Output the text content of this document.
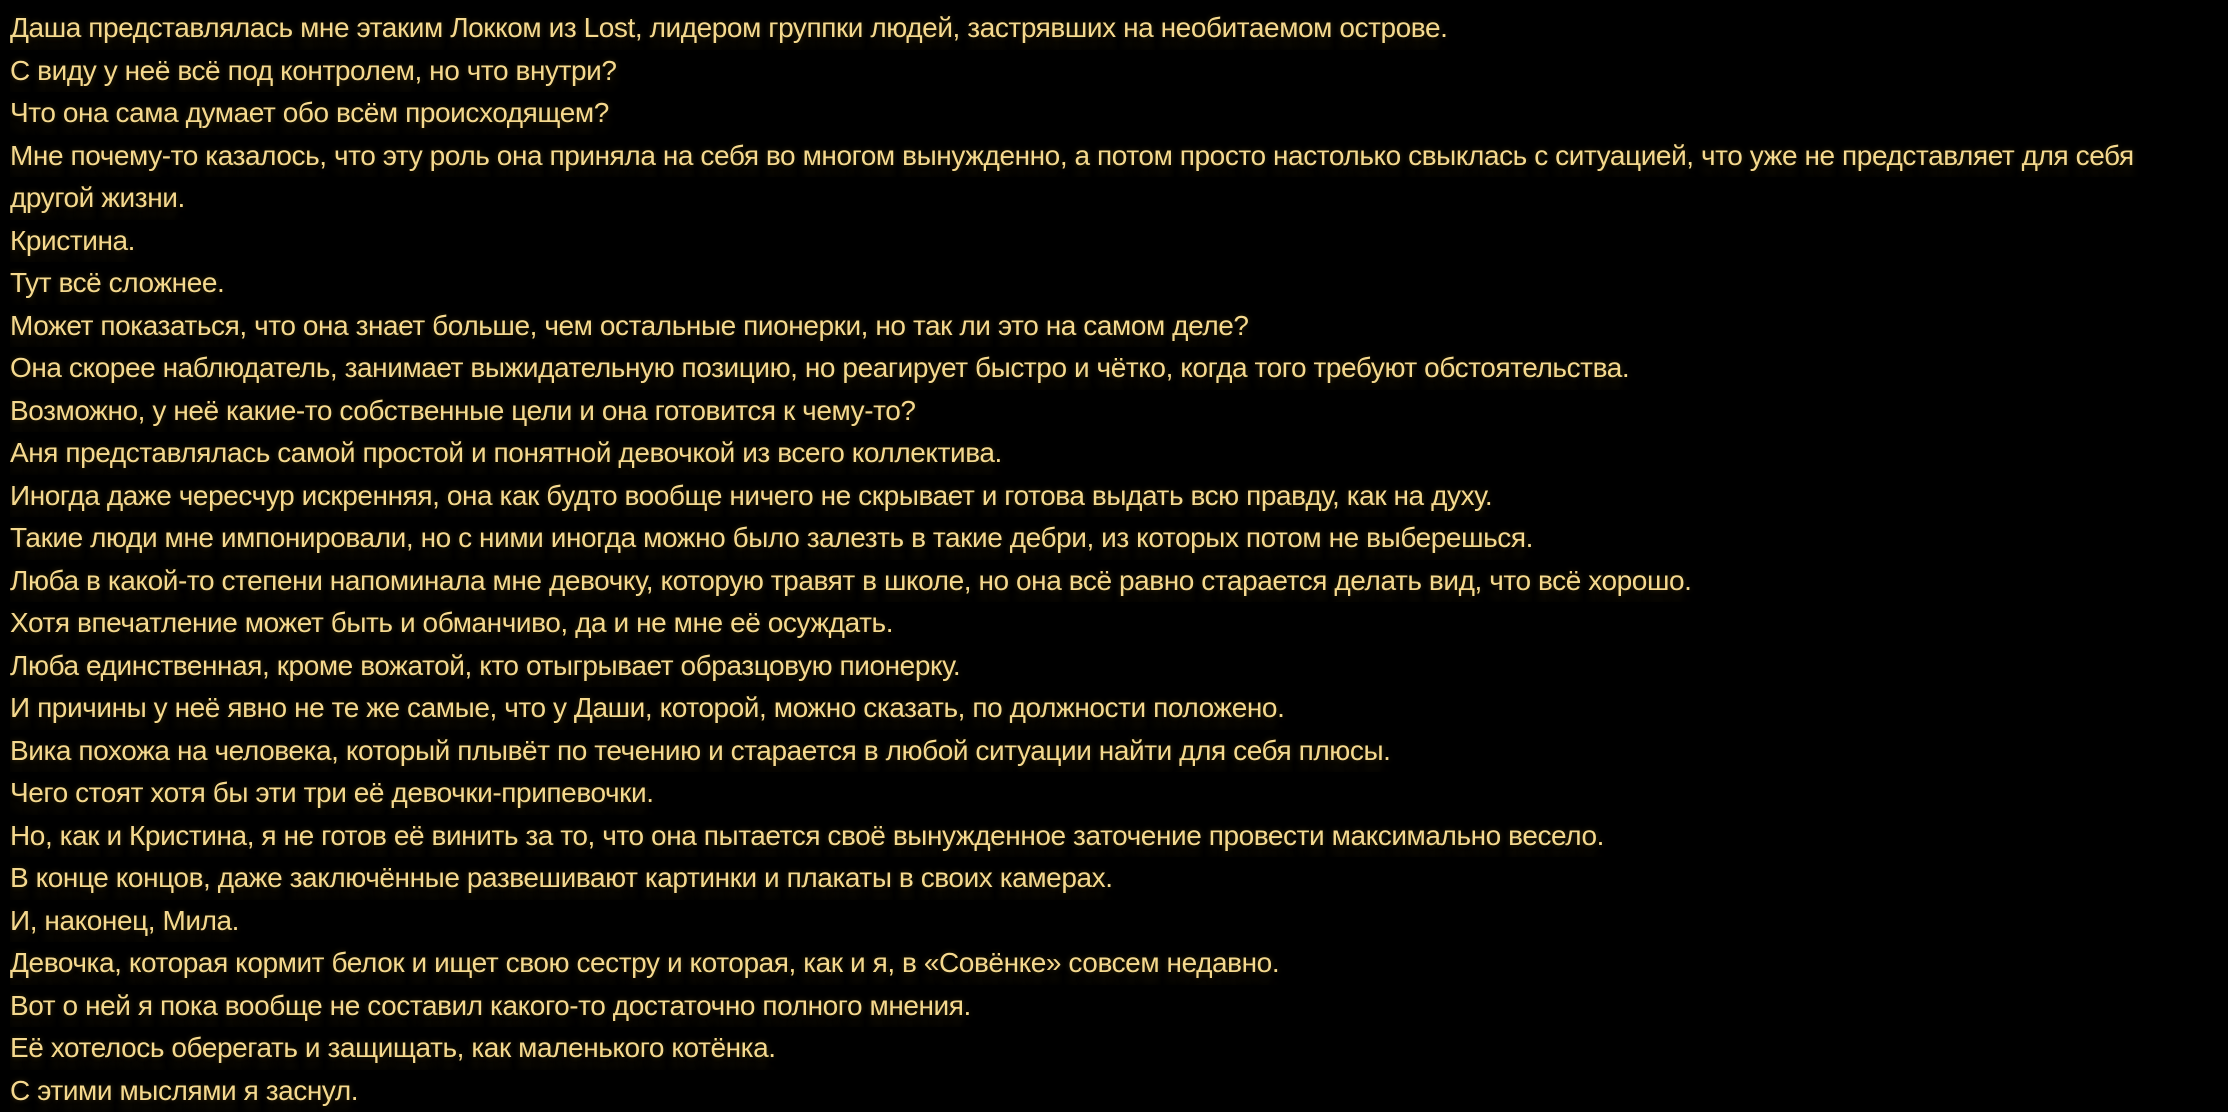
Даша представлялась мне этаким Локком из Lost, лидером группки людей, застрявших на необитаемом острове.
С виду у неё всё под контролем, но что внутри?
Что она сама думает обо всём происходящем?
Мне почему-то казалось, что эту роль она приняла на себя во многом вынужденно, а потом просто настолько свыклась с ситуацией, что уже не представляет для себя
другой жизни.
Кристина.
Тут всё сложнее.
Может показаться, что она знает больше, чем остальные пионерки, но так ли это на самом деле?
Она скорее наблюдатель, занимает выжидательную позицию, но реагирует быстро и чётко, когда того требуют обстоятельства.
Возможно, у неё какие-то собственные цели и она готовится к чему-то?
Аня представлялась самой простой и понятной девочкой из всего коллектива.
Иногда даже чересчур искренняя, она как будто вообще ничего не скрывает и готова выдать всю правду, как на духу.
Такие люди мне импонировали, но с ними иногда можно было залезть в такие дебри, из которых потом не выберешься.
Люба в какой-то степени напоминала мне девочку, которую травят в школе, но она всё равно старается делать вид, что всё хорошо.
Хотя впечатление может быть и обманчиво, да и не мне её осуждать.
Люба единственная, кроме вожатой, кто отыгрывает образцовую пионерку.
И причины у неё явно не те же самые, что у Даши, которой, можно сказать, по должности положено.
Вика похожа на человека, который плывёт по течению и старается в любой ситуации найти для себя плюсы.
Чего стоят хотя бы эти три её девочки-припевочки.
Но, как и Кристина, я не готов её винить за то, что она пытается своё вынужденное заточение провести максимально весело.
В конце концов, даже заключённые развешивают картинки и плакаты в своих камерах.
И, наконец, Мила.
Девочка, которая кормит белок и ищет свою сестру и которая, как и я, в «Совёнке» совсем недавно.
Вот о ней я пока вообще не составил какого-то достаточно полного мнения.
Её хотелось оберегать и защищать, как маленького котёнка.
С этими мыслями я заснул.
